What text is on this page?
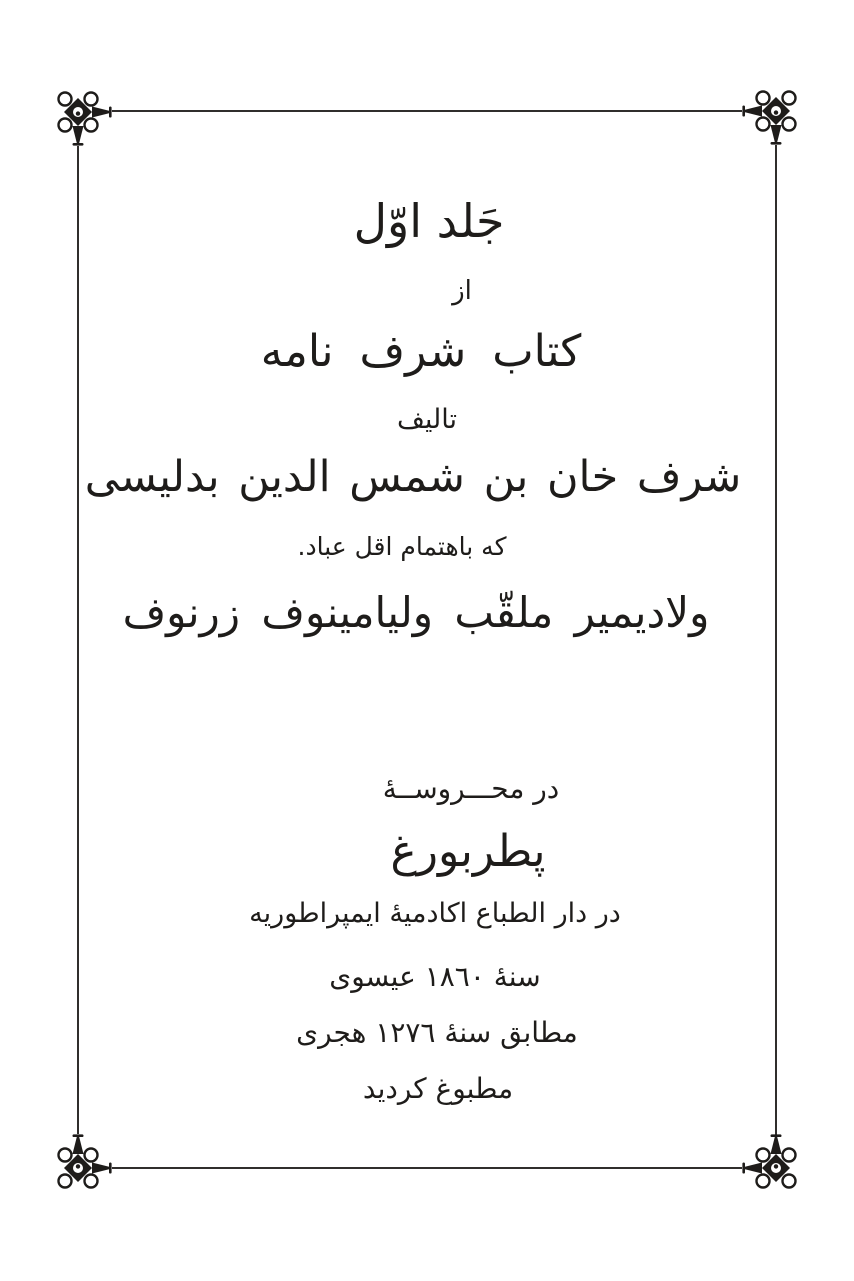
جَلد اوّل
از
كتاب شرف نامه
تاليف
شرف خان بن شمس الدين بدليسى
كه باهتمام اقل عباد.
ولاديمير ملقّب وليامينوف زرنوف
در محـــروســهٔ
پطربورغ
در دار الطباع اكادميهٔ ايمپراطوريه
سنهٔ ١٨٦٠ عيسوى
مطابق سنهٔ ١٢٧٦ هجرى
مطبوغ كرديد
